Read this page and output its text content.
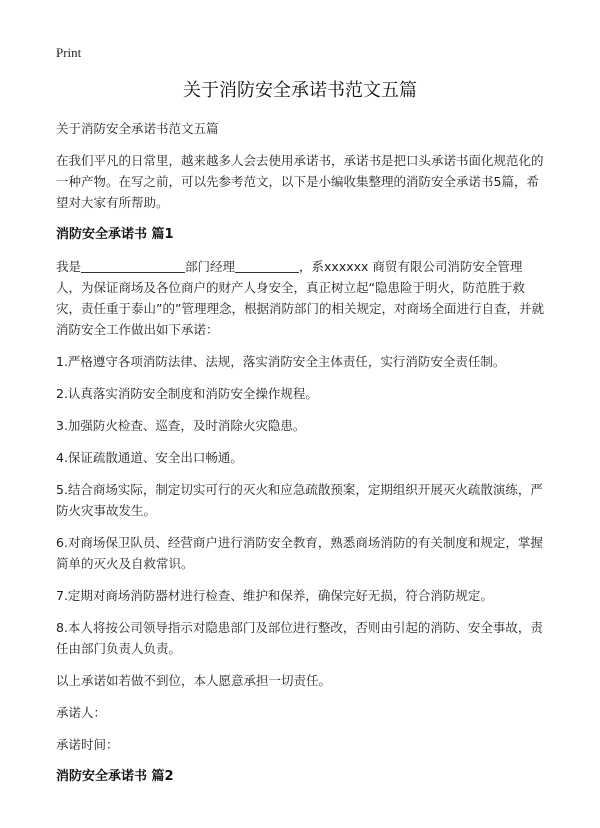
Print
关于消防安全承诺书范文五篇

关于消防安全承诺书范文五篇

在我们平凡的日常里，越来越多人会去使用承诺书，承诺书是把口头承诺书面化规范化的一种产物。在写之前，可以先参考范文，以下是小编收集整理的消防安全承诺书5篇，希望对大家有所帮助。

消防安全承诺书 篇1

我是	部门经理	，系xxxxxx 商贸有限公司消防安全管理人，为保证商场及各位商户的财产人身安全，真正树立起“隐患险于明火，防范胜于救灾，责任重于泰山”的”管理理念，根据消防部门的相关规定，对商场全面进行自查，并就消防安全工作做出如下承诺：

1.严格遵守各项消防法律、法规，落实消防安全主体责任，实行消防安全责任制。

2.认真落实消防安全制度和消防安全操作规程。

3.加强防火检查、巡查，及时消除火灾隐患。

4.保证疏散通道、安全出口畅通。

5.结合商场实际，制定切实可行的灭火和应急疏散预案，定期组织开展灭火疏散演练，严防火灾事故发生。

6.对商场保卫队员、经营商户进行消防安全教育，熟悉商场消防的有关制度和规定，掌握简单的灭火及自救常识。

7.定期对商场消防器材进行检查、维护和保养，确保完好无损，符合消防规定。

8.本人将按公司领导指示对隐患部门及部位进行整改，否则由引起的消防、安全事故，责任由部门负责人负责。

以上承诺如若做不到位，本人愿意承担一切责任。

承诺人：

承诺时间：

消防安全承诺书 篇2
